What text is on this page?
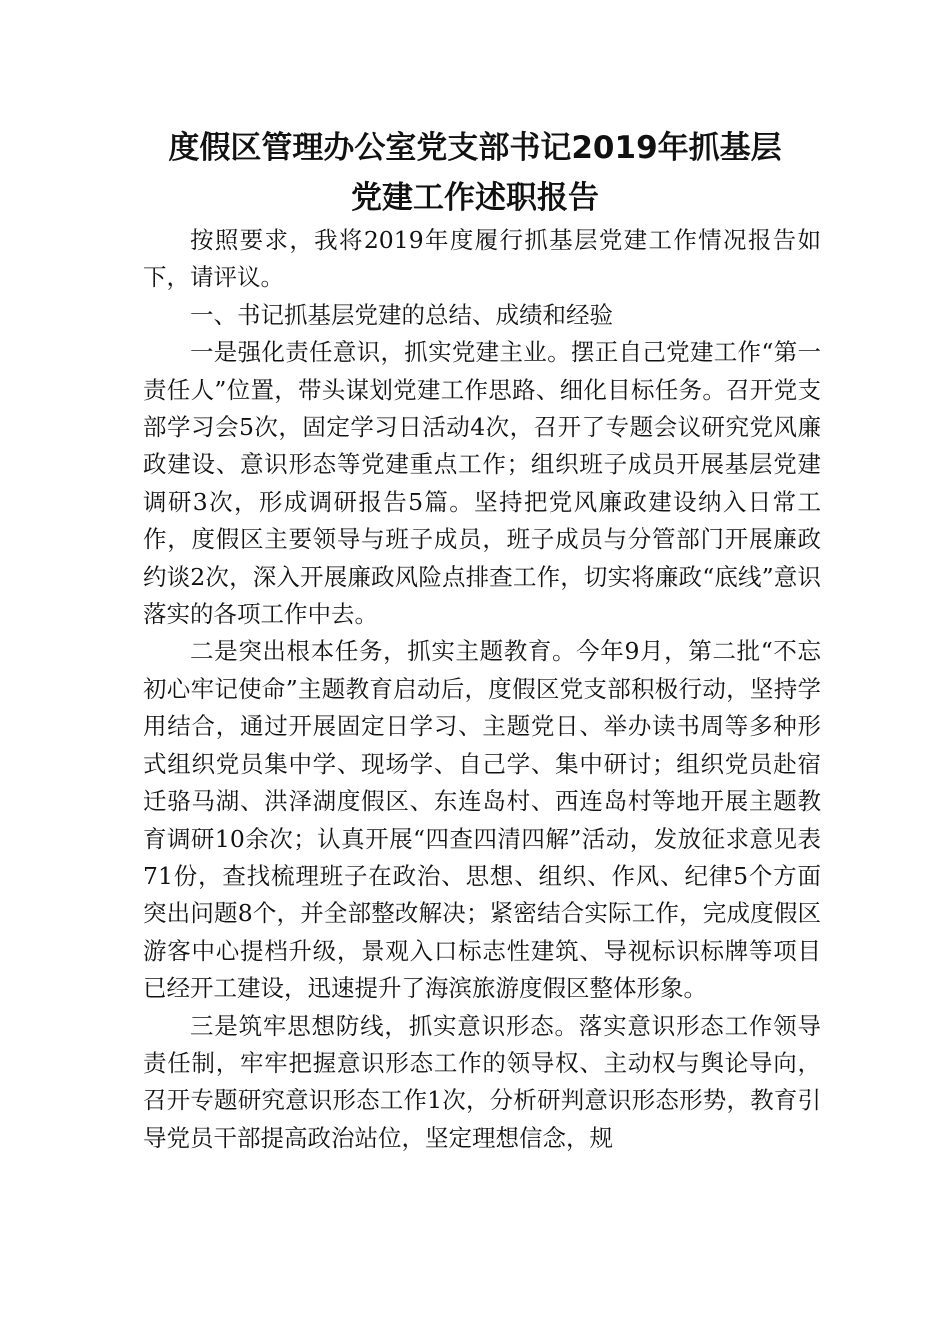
度假区管理办公室党支部书记2019年抓基层
党建工作述职报告

按照要求，我将2019年度履行抓基层党建工作情况报告如下，请评议。

一、书记抓基层党建的总结、成绩和经验

一是强化责任意识，抓实党建主业。摆正自己党建工作“第一责任人”位置，带头谋划党建工作思路、细化目标任务。召开党支部学习会5次，固定学习日活动4次，召开了专题会议研究党风廉政建设、意识形态等党建重点工作；组织班子成员开展基层党建调研3次，形成调研报告5篇。坚持把党风廉政建设纳入日常工作，度假区主要领导与班子成员，班子成员与分管部门开展廉政约谈2次，深入开展廉政风险点排查工作，切实将廉政“底线”意识落实的各项工作中去。

二是突出根本任务，抓实主题教育。今年9月，第二批“不忘初心牢记使命”主题教育启动后，度假区党支部积极行动，坚持学用结合，通过开展固定日学习、主题党日、举办读书周等多种形式组织党员集中学、现场学、自己学、集中研讨；组织党员赴宿迁骆马湖、洪泽湖度假区、东连岛村、西连岛村等地开展主题教育调研10余次；认真开展“四查四清四解”活动，发放征求意见表71份，查找梳理班子在政治、思想、组织、作风、纪律5个方面突出问题8个，并全部整改解决；紧密结合实际工作，完成度假区游客中心提档升级，景观入口标志性建筑、导视标识标牌等项目已经开工建设，迅速提升了海滨旅游度假区整体形象。

三是筑牢思想防线，抓实意识形态。落实意识形态工作领导责任制，牢牢把握意识形态工作的领导权、主动权与舆论导向，召开专题研究意识形态工作1次，分析研判意识形态形势，教育引导党员干部提高政治站位，坚定理想信念，规
